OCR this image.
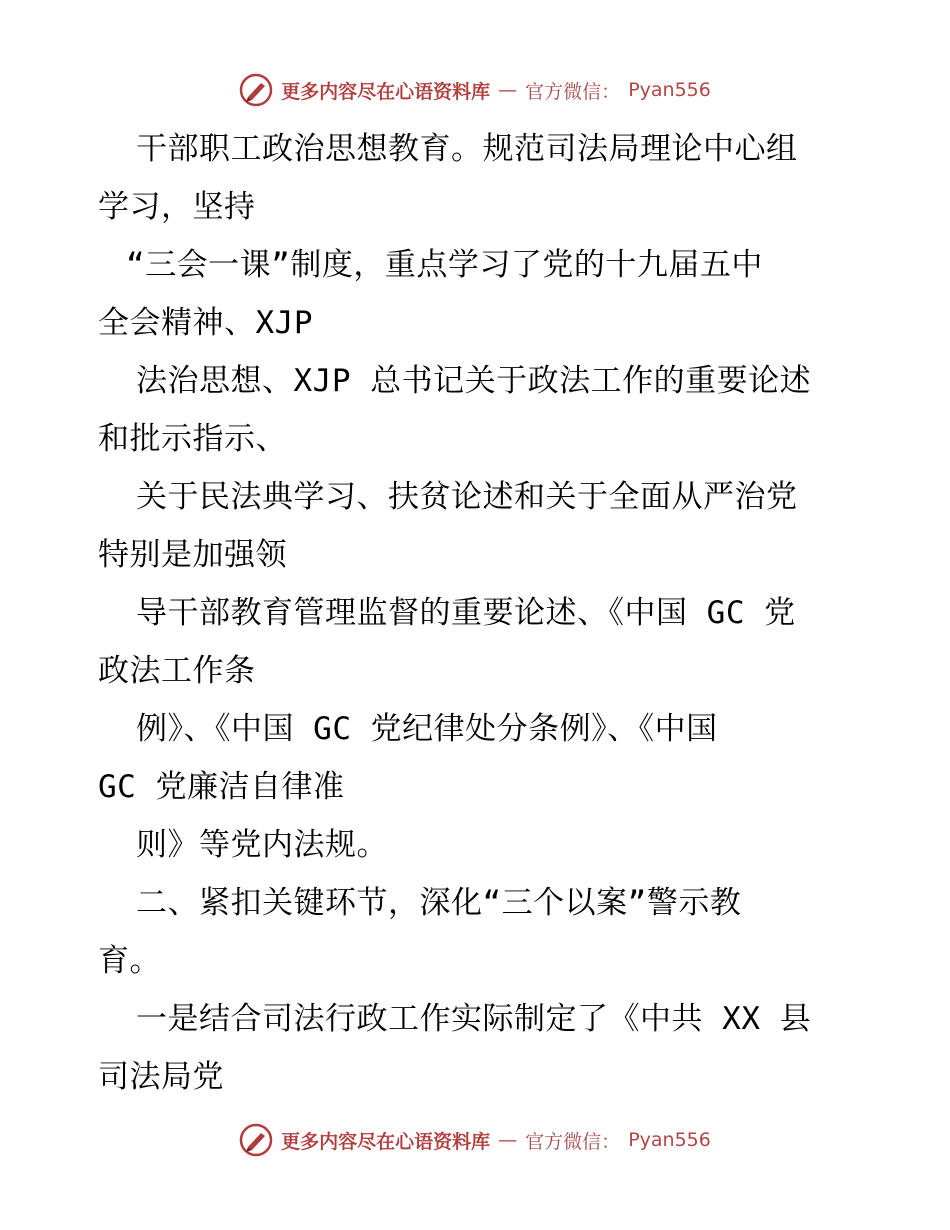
更多内容尽在心语资料库 — 官方微信： Pyan556
干部职工政治思想教育。规范司法局理论中心组
学习，坚持
“三会一课”制度，重点学习了党的十九届五中
全会精神、XJP
法治思想、XJP 总书记关于政法工作的重要论述
和批示指示、
关于民法典学习、扶贫论述和关于全面从严治党
特别是加强领
导干部教育管理监督的重要论述、《中国 GC 党
政法工作条
例》、《中国 GC 党纪律处分条例》、《中国
GC 党廉洁自律准
则》等党内法规。
二、紧扣关键环节，深化“三个以案”警示教
育。
一是结合司法行政工作实际制定了《中共 XX 县
司法局党
更多内容尽在心语资料库 — 官方微信： Pyan556
